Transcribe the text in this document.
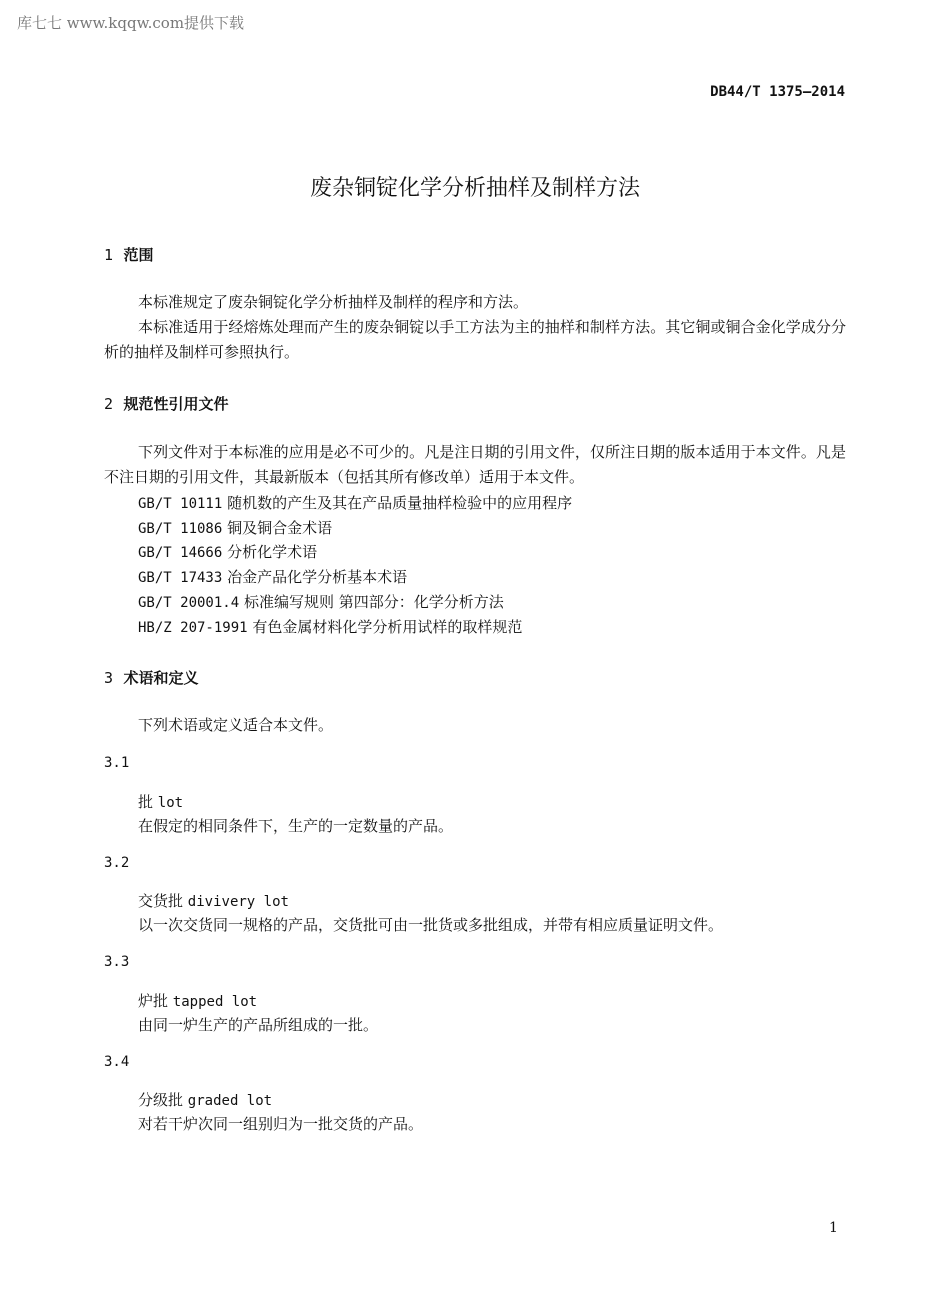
库七七 www.kqqw.com提供下载
DB44/T 1375—2014
废杂铜锭化学分析抽样及制样方法
1 范围
本标准规定了废杂铜锭化学分析抽样及制样的程序和方法。
本标准适用于经熔炼处理而产生的废杂铜锭以手工方法为主的抽样和制样方法。其它铜或铜合金化学成分分析的抽样及制样可参照执行。
2 规范性引用文件
下列文件对于本标准的应用是必不可少的。凡是注日期的引用文件，仅所注日期的版本适用于本文件。凡是不注日期的引用文件，其最新版本（包括其所有修改单）适用于本文件。
GB/T 10111 随机数的产生及其在产品质量抽样检验中的应用程序
GB/T 11086 铜及铜合金术语
GB/T 14666 分析化学术语
GB/T 17433 冶金产品化学分析基本术语
GB/T 20001.4 标准编写规则 第四部分：化学分析方法
HB/Z 207-1991 有色金属材料化学分析用试样的取样规范
3 术语和定义
下列术语或定义适合本文件。
3.1
批 lot
在假定的相同条件下，生产的一定数量的产品。
3.2
交货批 divivery lot
以一次交货同一规格的产品，交货批可由一批货或多批组成，并带有相应质量证明文件。
3.3
炉批 tapped lot
由同一炉生产的产品所组成的一批。
3.4
分级批 graded lot
对若干炉次同一组别归为一批交货的产品。
1
